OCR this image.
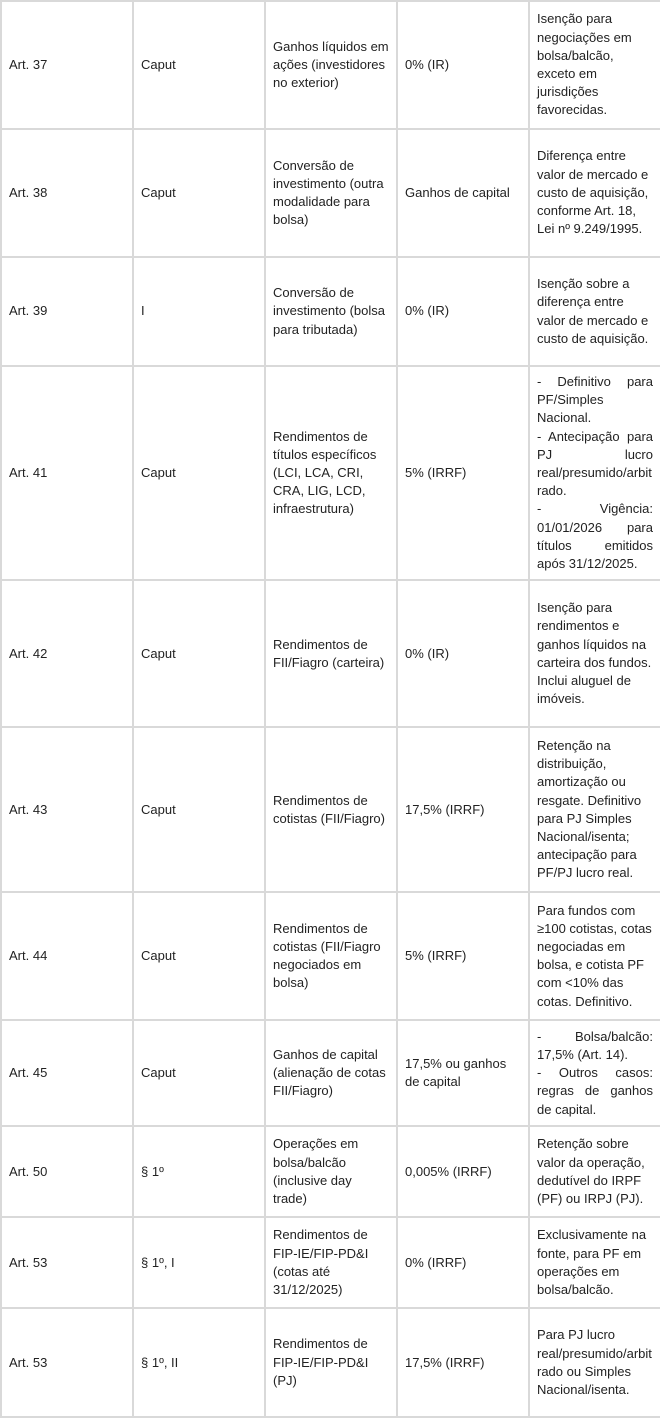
Art. 37	Caput	Ganhos líquidos em ações (investidores no exterior)	0% (IR)	Isenção para negociações em bolsa/balcão, exceto em jurisdições favorecidas.

Art. 38	Caput	Conversão de investimento (outra modalidade para bolsa)	Ganhos de capital	Diferença entre valor de mercado e custo de aquisição, conforme Art. 18, Lei nº 9.249/1995.

Art. 39	I	Conversão de investimento (bolsa para tributada)	0% (IR)	Isenção sobre a diferença entre valor de mercado e custo de aquisição.

Art. 41	Caput	Rendimentos de títulos específicos (LCI, LCA, CRI, CRA, LIG, LCD, infraestrutura)	5% (IRRF)	- Definitivo para PF/Simples Nacional.
- Antecipação para PJ lucro real/presumido/arbitrado.
- Vigência: 01/01/2026 para títulos emitidos após 31/12/2025.

Art. 42	Caput	Rendimentos de FII/Fiagro (carteira)	0% (IR)	Isenção para rendimentos e ganhos líquidos na carteira dos fundos. Inclui aluguel de imóveis.

Art. 43	Caput	Rendimentos de cotistas (FII/Fiagro)	17,5% (IRRF)	Retenção na distribuição, amortização ou resgate. Definitivo para PJ Simples Nacional/isenta; antecipação para PF/PJ lucro real.

Art. 44	Caput	Rendimentos de cotistas (FII/Fiagro negociados em bolsa)	5% (IRRF)	Para fundos com ≥100 cotistas, cotas negociadas em bolsa, e cotista PF com <10% das cotas. Definitivo.

Art. 45	Caput	Ganhos de capital (alienação de cotas FII/Fiagro)	17,5% ou ganhos de capital	- Bolsa/balcão: 17,5% (Art. 14).
- Outros casos: regras de ganhos de capital.

Art. 50	§ 1º	Operações em bolsa/balcão (inclusive day trade)	0,005% (IRRF)	Retenção sobre valor da operação, dedutível do IRPF (PF) ou IRPJ (PJ).

Art. 53	§ 1º, I	Rendimentos de FIP-IE/FIP-PD&I (cotas até 31/12/2025)	0% (IRRF)	Exclusivamente na fonte, para PF em operações em bolsa/balcão.

Art. 53	§ 1º, II	Rendimentos de FIP-IE/FIP-PD&I (PJ)	17,5% (IRRF)	Para PJ lucro real/presumido/arbitrado ou Simples Nacional/isenta.
